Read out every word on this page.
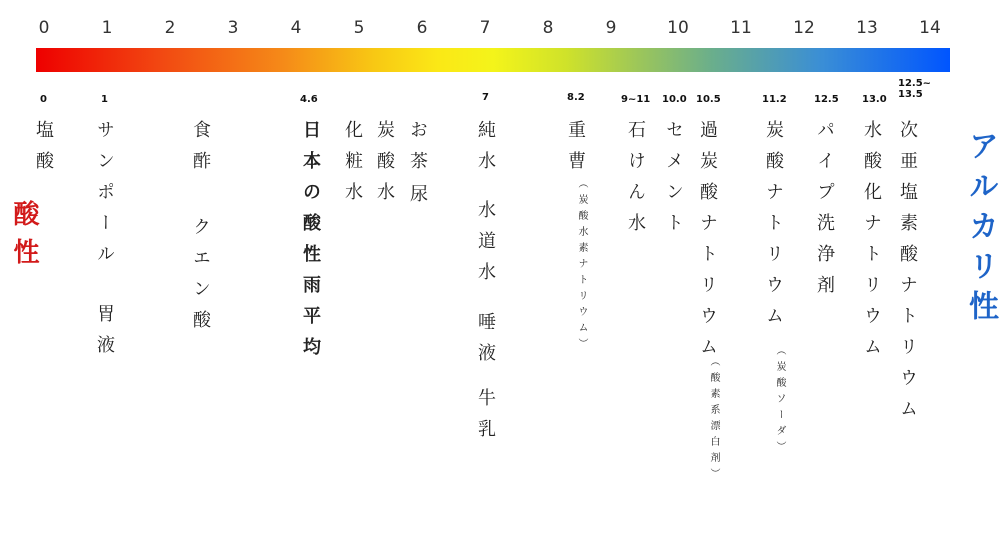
0	1	2	3	4	5	6	7	8	9	10	11	12	13	14
酸性	アルカリ性
0
塩酸
1
サンポール
胃液
食酢
クエン酸
4.6
日本の酸性雨平均 化粧水 炭酸水 お茶
尿
7
純水
水道水
唾液
牛乳
8.2
重曹
（炭酸水素ナトリウム）
9~11
石けん水
10.0
セメント
10.5
過炭酸ナトリウム
（酸素系漂白剤）
11.2
炭酸ナトリウム
（炭酸ソーダ）
12.5
パイプ洗浄剤
13.0
水酸化ナトリウム
12.5~
13.5
次亜塩素酸ナトリウム
